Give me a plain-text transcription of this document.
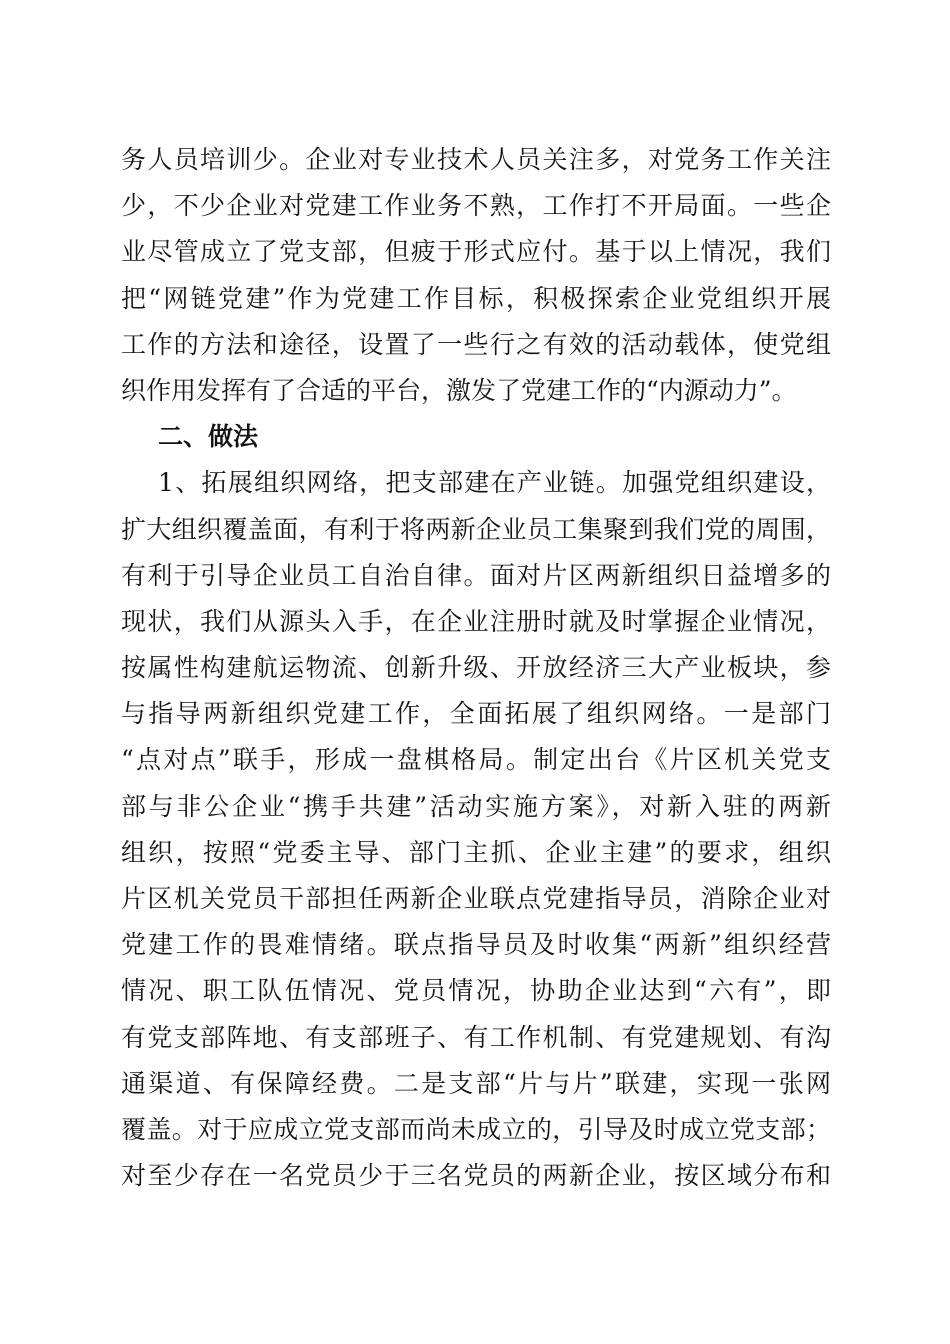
务人员培训少。企业对专业技术人员关注多，对党务工作关注
少，不少企业对党建工作业务不熟，工作打不开局面。一些企
业尽管成立了党支部，但疲于形式应付。基于以上情况，我们
把“网链党建”作为党建工作目标，积极探索企业党组织开展
工作的方法和途径，设置了一些行之有效的活动载体，使党组
织作用发挥有了合适的平台，激发了党建工作的“内源动力”。
二、做法
1、拓展组织网络，把支部建在产业链。加强党组织建设，
扩大组织覆盖面，有利于将两新企业员工集聚到我们党的周围，
有利于引导企业员工自治自律。面对片区两新组织日益增多的
现状，我们从源头入手，在企业注册时就及时掌握企业情况，
按属性构建航运物流、创新升级、开放经济三大产业板块，参
与指导两新组织党建工作，全面拓展了组织网络。一是部门
“点对点”联手，形成一盘棋格局。制定出台《片区机关党支
部与非公企业“携手共建”活动实施方案》，对新入驻的两新
组织，按照“党委主导、部门主抓、企业主建”的要求，组织
片区机关党员干部担任两新企业联点党建指导员，消除企业对
党建工作的畏难情绪。联点指导员及时收集“两新”组织经营
情况、职工队伍情况、党员情况，协助企业达到“六有”，即
有党支部阵地、有支部班子、有工作机制、有党建规划、有沟
通渠道、有保障经费。二是支部“片与片”联建，实现一张网
覆盖。对于应成立党支部而尚未成立的，引导及时成立党支部；
对至少存在一名党员少于三名党员的两新企业，按区域分布和
